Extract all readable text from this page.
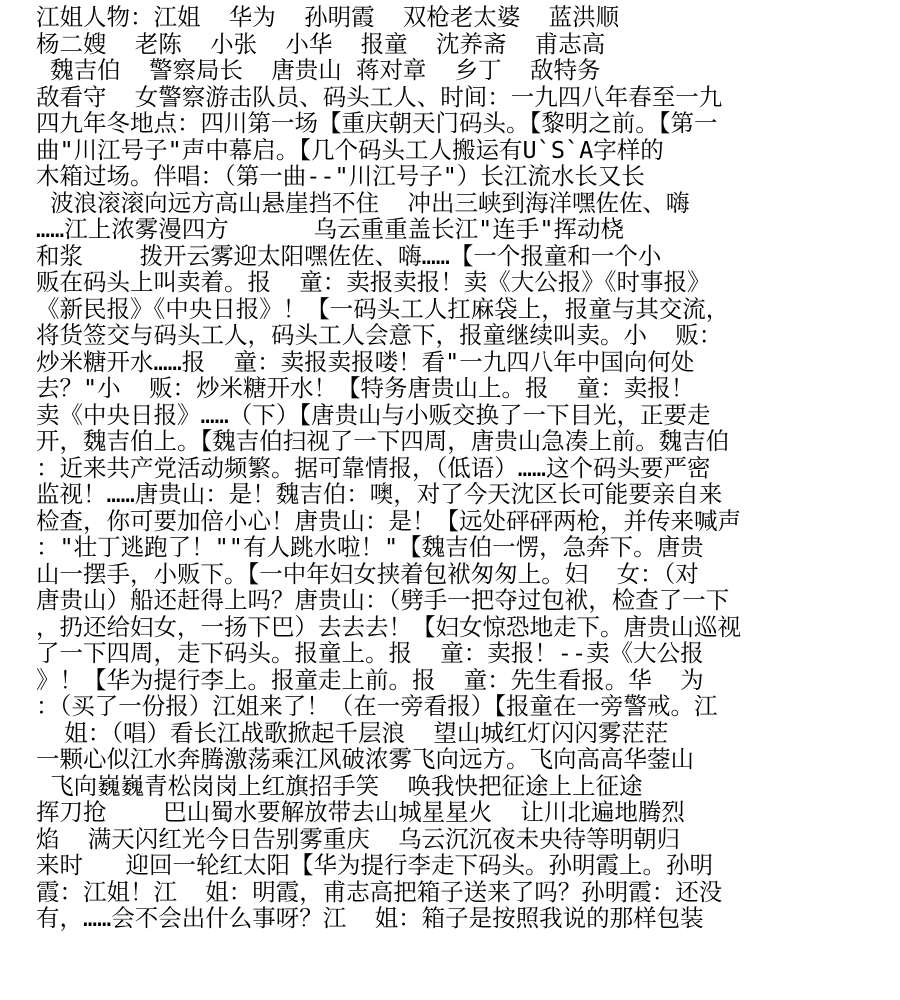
江姐人物：江姐  华为  孙明霞  双枪老太婆  蓝洪顺
杨二嫂  老陈  小张  小华  报童  沈养斋  甫志高
魏吉伯  警察局长  唐贵山 蒋对章  乡丁  敌特务
敌看守  女警察游击队员、码头工人、时间：一九四八年春至一九
四九年冬地点：四川第一场【重庆朝天门码头。【黎明之前。【第一
曲"川江号子"声中幕启。【几个码头工人搬运有U`S`A字样的
木箱过场。伴唱：（第一曲--"川江号子"）长江流水长又长
波浪滚滚向远方高山悬崖挡不住  冲出三峡到海洋嘿佐佐、嗨
……江上浓雾漫四方      乌云重重盖长江"连手"挥动桡
和浆    拨开云雾迎太阳嘿佐佐、嗨……【一个报童和一个小
贩在码头上叫卖着。报  童：卖报卖报！卖《大公报》《时事报》
《新民报》《中央日报》！【一码头工人扛麻袋上，报童与其交流，
将货签交与码头工人，码头工人会意下，报童继续叫卖。小  贩：
炒米糖开水……报  童：卖报卖报喽！看"一九四八年中国向何处
去？"小  贩：炒米糖开水！【特务唐贵山上。报  童：卖报！
卖《中央日报》……（下）【唐贵山与小贩交换了一下目光，正要走
开，魏吉伯上。【魏吉伯扫视了一下四周，唐贵山急凑上前。魏吉伯
：近来共产党活动频繁。据可靠情报，（低语）……这个码头要严密
监视！……唐贵山：是！魏吉伯：噢，对了今天沈区长可能要亲自来
检查，你可要加倍小心！唐贵山：是！【远处砰砰两枪，并传来喊声
："壮丁逃跑了！""有人跳水啦！"【魏吉伯一愣，急奔下。唐贵
山一摆手，小贩下。【一中年妇女挟着包袱匆匆上。妇  女：（对
唐贵山）船还赶得上吗？唐贵山：（劈手一把夺过包袱，检查了一下
，扔还给妇女，一扬下巴）去去去！【妇女惊恐地走下。唐贵山巡视
了一下四周，走下码头。报童上。报  童：卖报！--卖《大公报
》！【华为提行李上。报童走上前。报  童：先生看报。华  为
：（买了一份报）江姐来了！（在一旁看报）【报童在一旁警戒。江
姐：（唱）看长江战歌掀起千层浪  望山城红灯闪闪雾茫茫
一颗心似江水奔腾激荡乘江风破浓雾飞向远方。飞向高高华蓥山
飞向巍巍青松岗岗上红旗招手笑  唤我快把征途上上征途
挥刀抢    巴山蜀水要解放带去山城星星火  让川北遍地腾烈
焰  满天闪红光今日告别雾重庆  乌云沉沉夜未央待等明朝归
来时   迎回一轮红太阳【华为提行李走下码头。孙明霞上。孙明
霞：江姐！江  姐：明霞，甫志高把箱子送来了吗？孙明霞：还没
有，……会不会出什么事呀？江  姐：箱子是按照我说的那样包装
